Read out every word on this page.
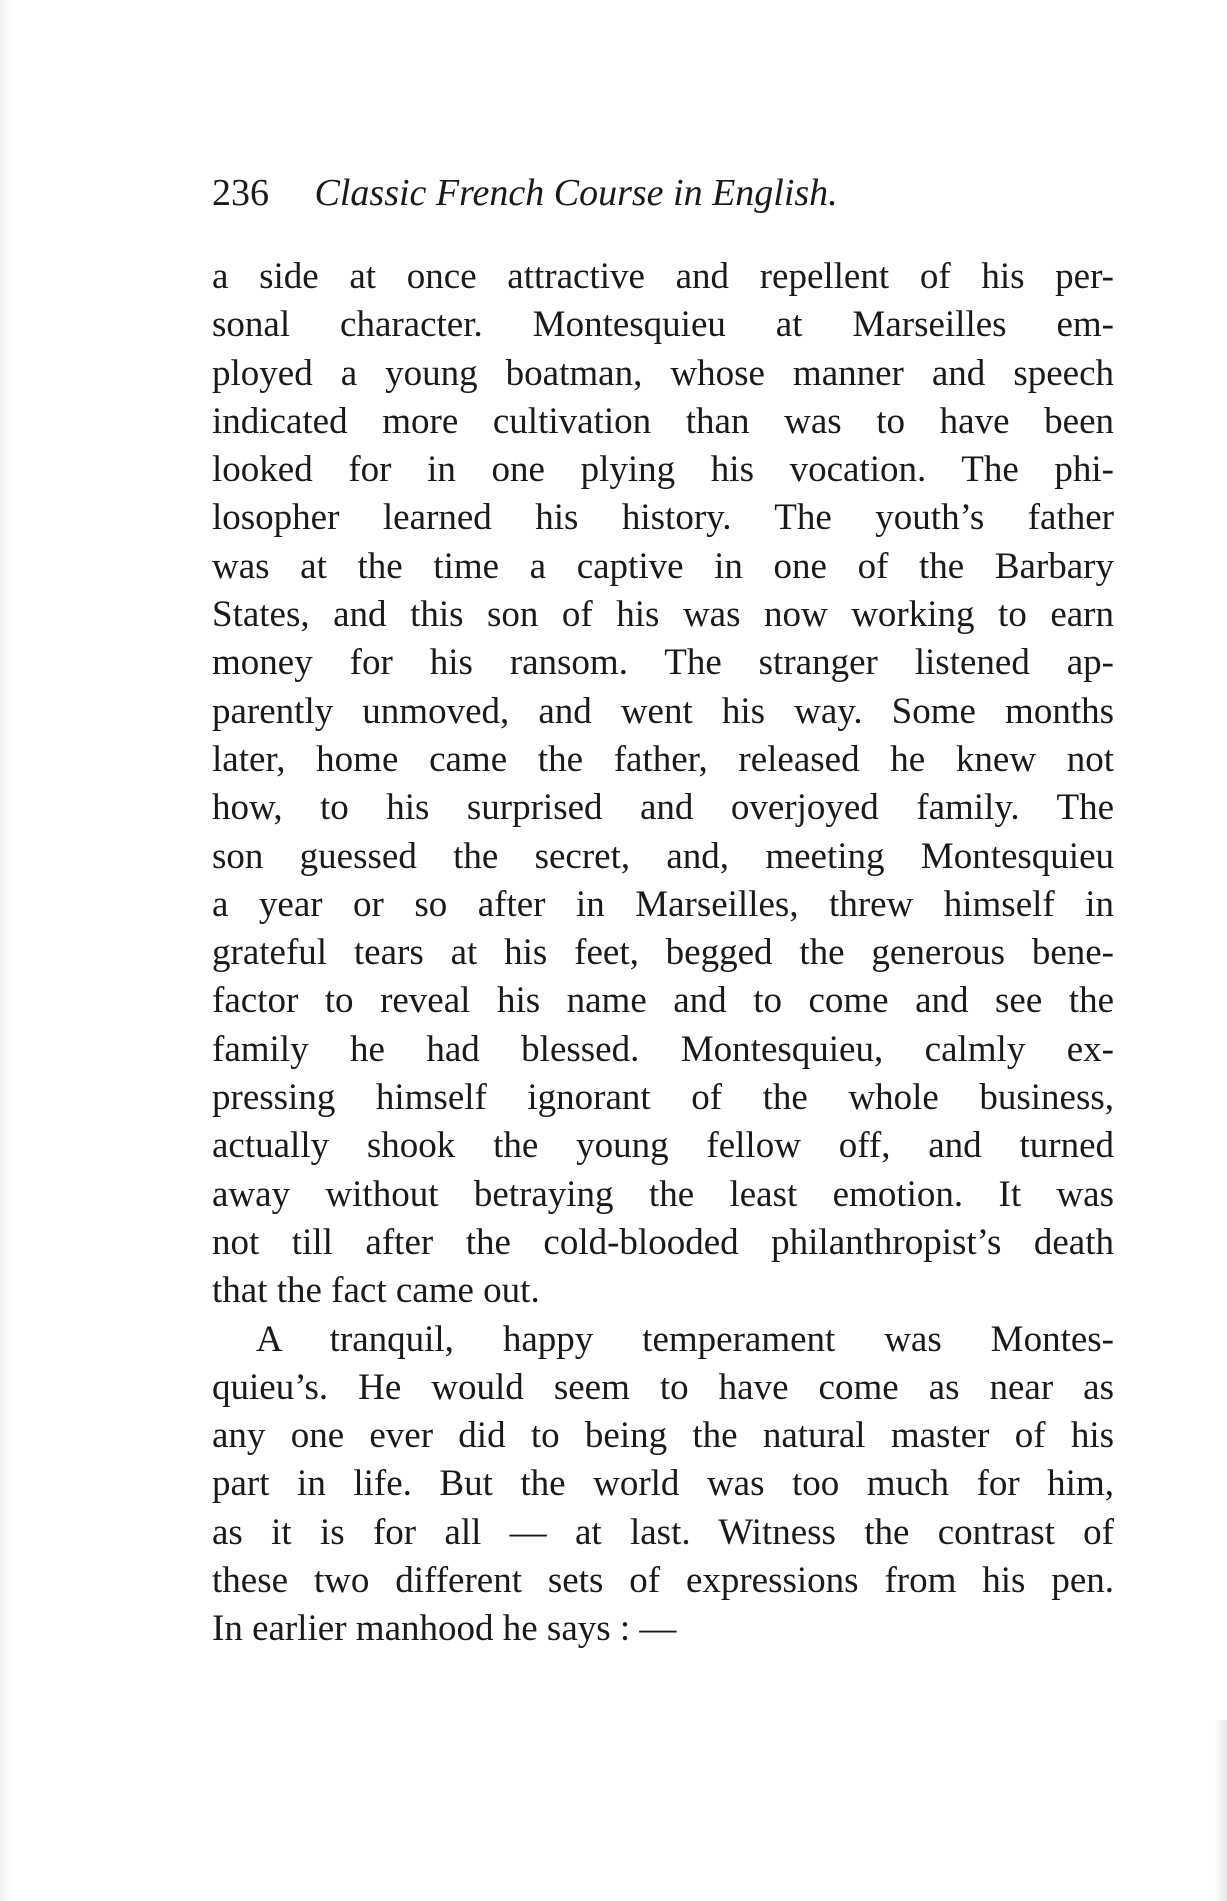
236 Classic French Course in English.
a side at once attractive and repellent of his per-
sonal character. Montesquieu at Marseilles em-
ployed a young boatman, whose manner and speech
indicated more cultivation than was to have been
looked for in one plying his vocation. The phi-
losopher learned his history. The youth’s father
was at the time a captive in one of the Barbary
States, and this son of his was now working to earn
money for his ransom. The stranger listened ap-
parently unmoved, and went his way. Some months
later, home came the father, released he knew not
how, to his surprised and overjoyed family. The
son guessed the secret, and, meeting Montesquieu
a year or so after in Marseilles, threw himself in
grateful tears at his feet, begged the generous bene-
factor to reveal his name and to come and see the
family he had blessed. Montesquieu, calmly ex-
pressing himself ignorant of the whole business,
actually shook the young fellow off, and turned
away without betraying the least emotion. It was
not till after the cold-blooded philanthropist’s death
that the fact came out.
A tranquil, happy temperament was Montes-
quieu’s. He would seem to have come as near as
any one ever did to being the natural master of his
part in life. But the world was too much for him,
as it is for all — at last. Witness the contrast of
these two different sets of expressions from his pen.
In earlier manhood he says : —
